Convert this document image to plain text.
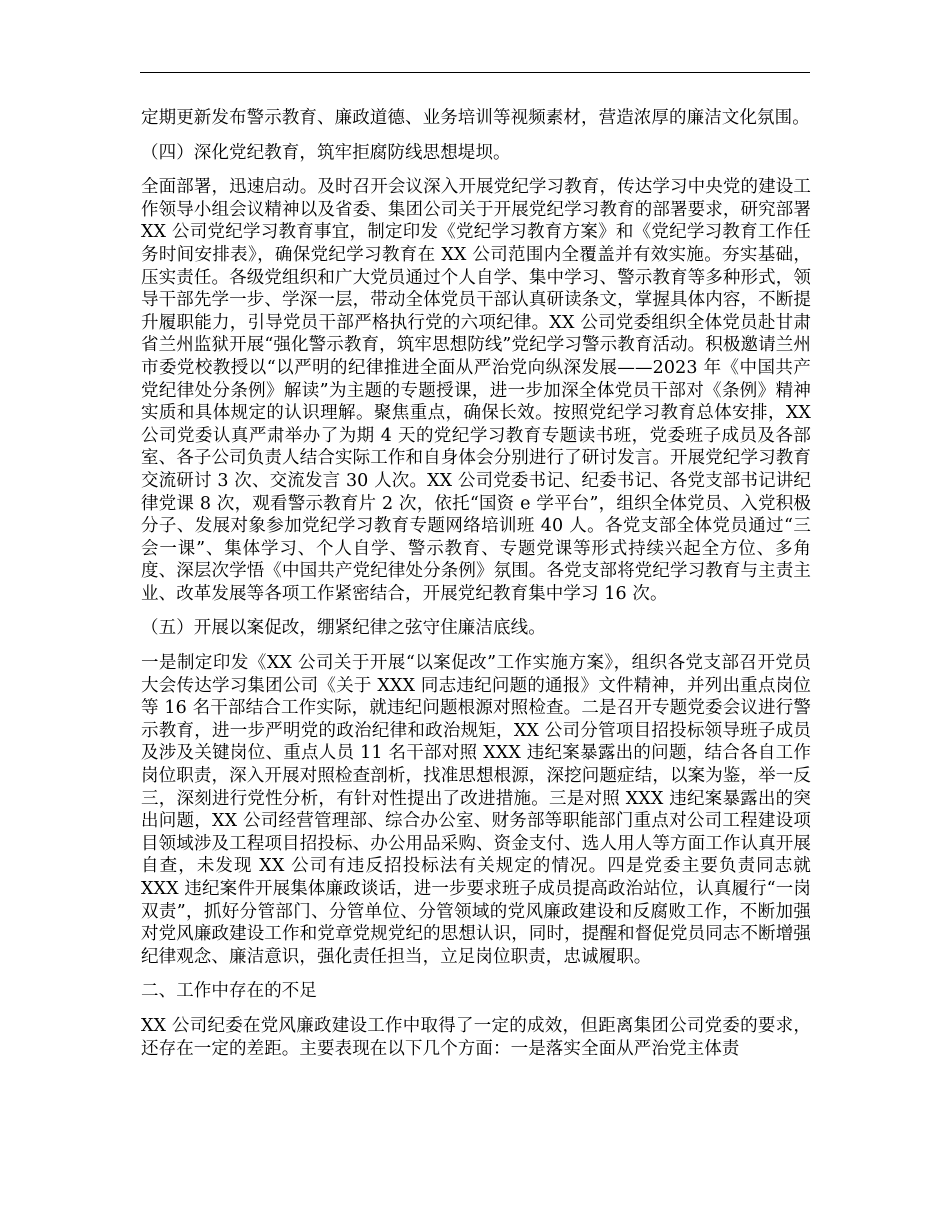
定期更新发布警示教育、廉政道德、业务培训等视频素材，营造浓厚的廉洁文化氛围。

（四）深化党纪教育，筑牢拒腐防线思想堤坝。

全面部署，迅速启动。及时召开会议深入开展党纪学习教育，传达学习中央党的建设工作领导小组会议精神以及省委、集团公司关于开展党纪学习教育的部署要求，研究部署 XX 公司党纪学习教育事宜，制定印发《党纪学习教育方案》和《党纪学习教育工作任务时间安排表》，确保党纪学习教育在 XX 公司范围内全覆盖并有效实施。夯实基础，压实责任。各级党组织和广大党员通过个人自学、集中学习、警示教育等多种形式，领导干部先学一步、学深一层，带动全体党员干部认真研读条文，掌握具体内容，不断提升履职能力，引导党员干部严格执行党的六项纪律。XX 公司党委组织全体党员赴甘肃省兰州监狱开展“强化警示教育，筑牢思想防线”党纪学习警示教育活动。积极邀请兰州市委党校教授以“以严明的纪律推进全面从严治党向纵深发展——2023 年《中国共产党纪律处分条例》解读”为主题的专题授课，进一步加深全体党员干部对《条例》精神实质和具体规定的认识理解。聚焦重点，确保长效。按照党纪学习教育总体安排，XX 公司党委认真严肃举办了为期 4 天的党纪学习教育专题读书班，党委班子成员及各部室、各子公司负责人结合实际工作和自身体会分别进行了研讨发言。开展党纪学习教育交流研讨 3 次、交流发言 30 人次。XX 公司党委书记、纪委书记、各党支部书记讲纪律党课 8 次，观看警示教育片 2 次，依托“国资 e 学平台”，组织全体党员、入党积极分子、发展对象参加党纪学习教育专题网络培训班 40 人。各党支部全体党员通过“三会一课”、集体学习、个人自学、警示教育、专题党课等形式持续兴起全方位、多角度、深层次学悟《中国共产党纪律处分条例》氛围。各党支部将党纪学习教育与主责主业、改革发展等各项工作紧密结合，开展党纪教育集中学习 16 次。

（五）开展以案促改，绷紧纪律之弦守住廉洁底线。

一是制定印发《XX 公司关于开展“以案促改”工作实施方案》，组织各党支部召开党员大会传达学习集团公司《关于 XXX 同志违纪问题的通报》文件精神，并列出重点岗位等 16 名干部结合工作实际，就违纪问题根源对照检查。二是召开专题党委会议进行警示教育，进一步严明党的政治纪律和政治规矩，XX 公司分管项目招投标领导班子成员及涉及关键岗位、重点人员 11 名干部对照 XXX 违纪案暴露出的问题，结合各自工作岗位职责，深入开展对照检查剖析，找准思想根源，深挖问题症结，以案为鉴，举一反三，深刻进行党性分析，有针对性提出了改进措施。三是对照 XXX 违纪案暴露出的突出问题，XX 公司经营管理部、综合办公室、财务部等职能部门重点对公司工程建设项目领域涉及工程项目招投标、办公用品采购、资金支付、选人用人等方面工作认真开展自查，未发现 XX 公司有违反招投标法有关规定的情况。四是党委主要负责同志就 XXX 违纪案件开展集体廉政谈话，进一步要求班子成员提高政治站位，认真履行“一岗双责”，抓好分管部门、分管单位、分管领域的党风廉政建设和反腐败工作，不断加强对党风廉政建设工作和党章党规党纪的思想认识，同时，提醒和督促党员同志不断增强纪律观念、廉洁意识，强化责任担当，立足岗位职责，忠诚履职。

二、工作中存在的不足

XX 公司纪委在党风廉政建设工作中取得了一定的成效，但距离集团公司党委的要求，还存在一定的差距。主要表现在以下几个方面：一是落实全面从严治党主体责
